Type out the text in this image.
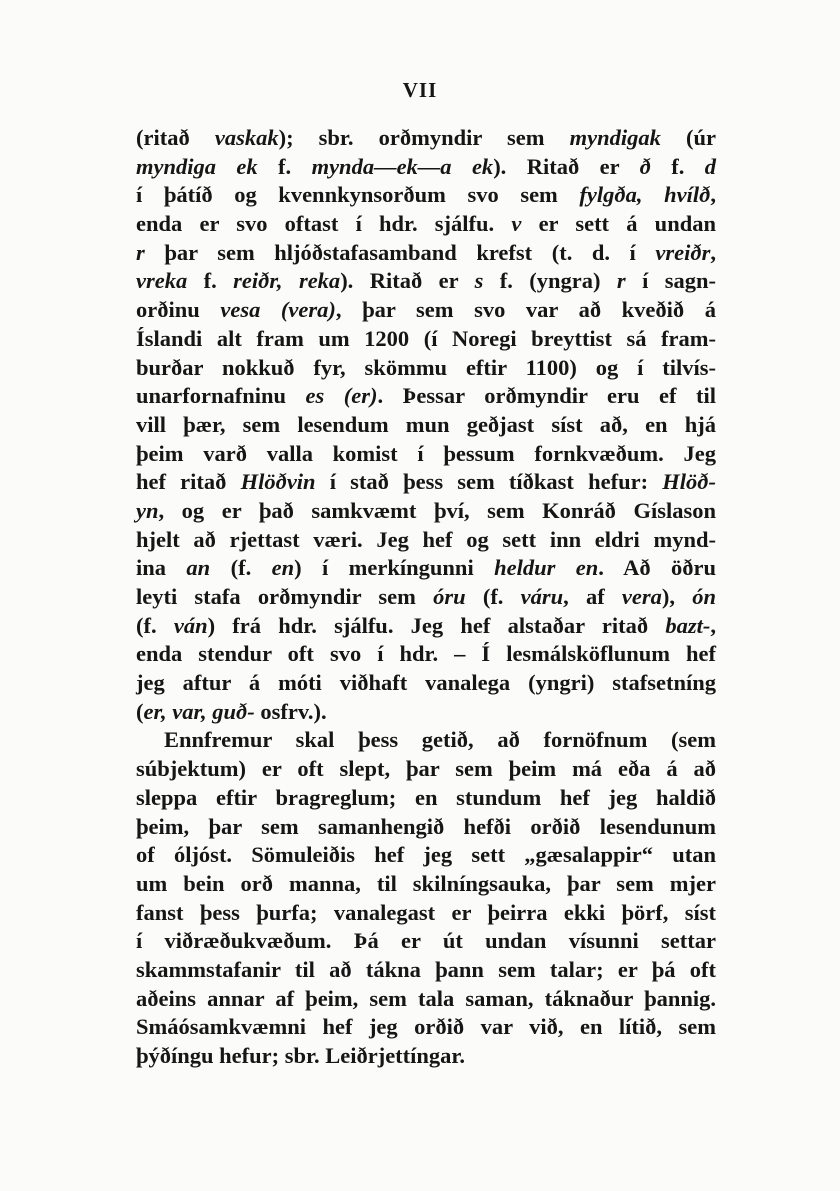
VII
(ritað vaskak); sbr. orðmyndir sem myndigak (úr
myndiga ek f. mynda—ek—a ek). Ritað er ð f. d
í þátíð og kvennkynsorðum svo sem fylgða, hvílð,
enda er svo oftast í hdr. sjálfu. v er sett á undan
r þar sem hljóðstafasamband krefst (t. d. í vreiðr,
vreka f. reiðr, reka). Ritað er s f. (yngra) r í sagn-
orðinu vesa (vera), þar sem svo var að kveðið á
Íslandi alt fram um 1200 (í Noregi breyttist sá fram-
burðar nokkuð fyr, skömmu eftir 1100) og í tilvís-
unarfornafninu es (er). Þessar orðmyndir eru ef til
vill þær, sem lesendum mun geðjast síst að, en hjá
þeim varð valla komist í þessum fornkvæðum. Jeg
hef ritað Hlöðvin í stað þess sem tíðkast hefur: Hlöð-
yn, og er það samkvæmt því, sem Konráð Gíslason
hjelt að rjettast væri. Jeg hef og sett inn eldri mynd-
ina an (f. en) í merkíngunni heldur en. Að öðru
leyti stafa orðmyndir sem óru (f. váru, af vera), ón
(f. ván) frá hdr. sjálfu. Jeg hef alstaðar ritað bazt-,
enda stendur oft svo í hdr. – Í lesmálsköflunum hef
jeg aftur á móti viðhaft vanalega (yngri) stafsetníng
(er, var, guð- osfrv.).
Ennfremur skal þess getið, að fornöfnum (sem
súbjektum) er oft slept, þar sem þeim má eða á að
sleppa eftir bragreglum; en stundum hef jeg haldið
þeim, þar sem samanhengið hefði orðið lesendunum
of óljóst. Sömuleiðis hef jeg sett „gæsalappir“ utan
um bein orð manna, til skilníngsauka, þar sem mjer
fanst þess þurfa; vanalegast er þeirra ekki þörf, síst
í viðræðukvæðum. Þá er út undan vísunni settar
skammstafanir til að tákna þann sem talar; er þá oft
aðeins annar af þeim, sem tala saman, táknaður þannig.
Smáósamkvæmni hef jeg orðið var við, en lítið, sem
þýðíngu hefur; sbr. Leiðrjettíngar.
